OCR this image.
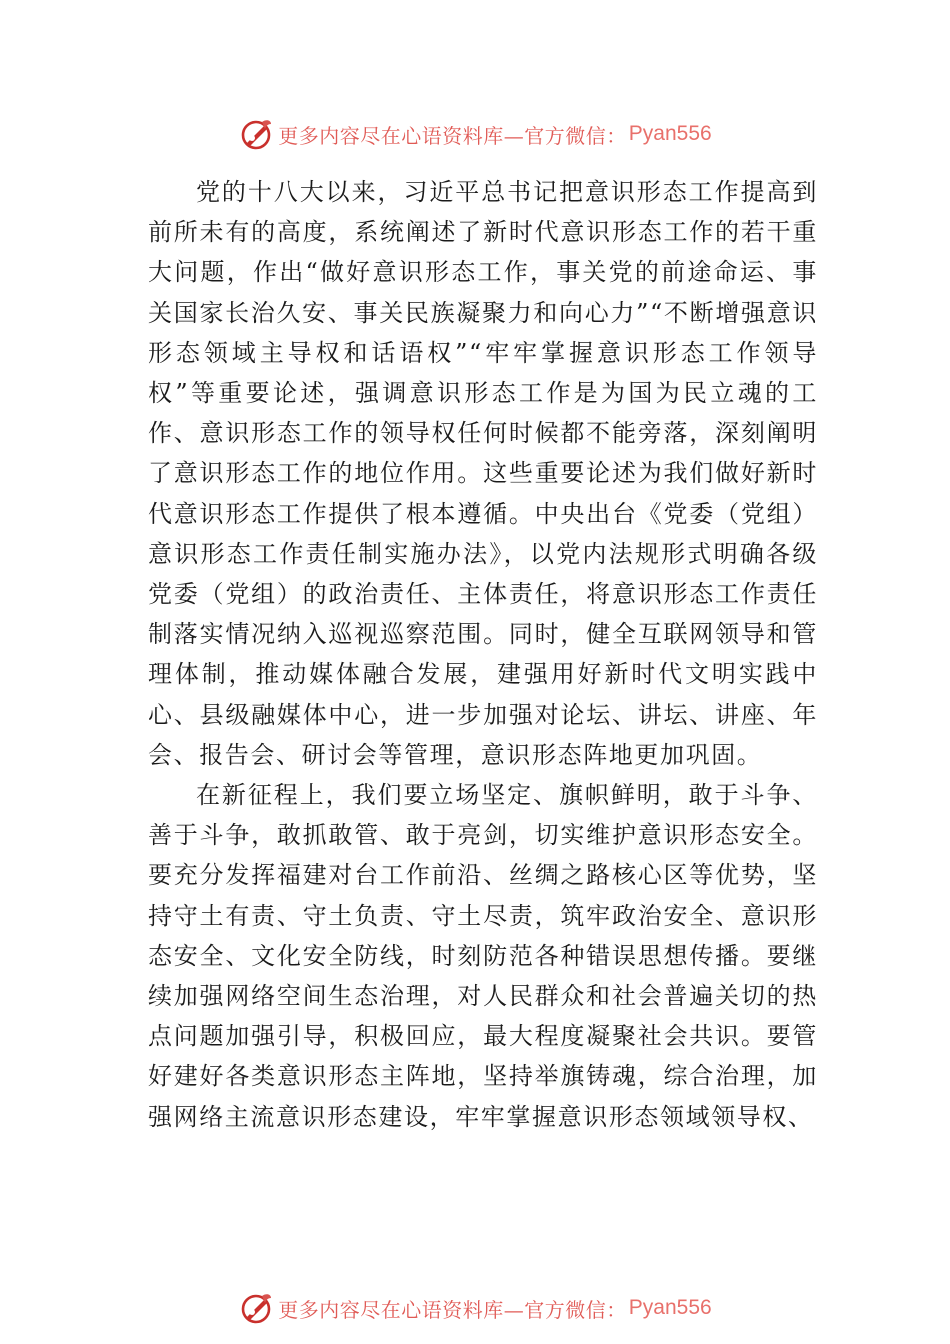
更多内容尽在心语资料库—官方微信： Pyan556

党的十八大以来，习近平总书记把意识形态工作提高到前所未有的高度，系统阐述了新时代意识形态工作的若干重大问题，作出“做好意识形态工作，事关党的前途命运、事关国家长治久安、事关民族凝聚力和向心力”“不断增强意识形态领域主导权和话语权”“牢牢掌握意识形态工作领导权”等重要论述，强调意识形态工作是为国为民立魂的工作、意识形态工作的领导权任何时候都不能旁落，深刻阐明了意识形态工作的地位作用。这些重要论述为我们做好新时代意识形态工作提供了根本遵循。中央出台《党委（党组）意识形态工作责任制实施办法》，以党内法规形式明确各级党委（党组）的政治责任、主体责任，将意识形态工作责任制落实情况纳入巡视巡察范围。同时，健全互联网领导和管理体制，推动媒体融合发展，建强用好新时代文明实践中心、县级融媒体中心，进一步加强对论坛、讲坛、讲座、年会、报告会、研讨会等管理，意识形态阵地更加巩固。

在新征程上，我们要立场坚定、旗帜鲜明，敢于斗争、善于斗争，敢抓敢管、敢于亮剑，切实维护意识形态安全。要充分发挥福建对台工作前沿、丝绸之路核心区等优势，坚持守土有责、守土负责、守土尽责，筑牢政治安全、意识形态安全、文化安全防线，时刻防范各种错误思想传播。要继续加强网络空间生态治理，对人民群众和社会普遍关切的热点问题加强引导，积极回应，最大程度凝聚社会共识。要管好建好各类意识形态主阵地，坚持举旗铸魂，综合治理，加强网络主流意识形态建设，牢牢掌握意识形态领域领导权、

更多内容尽在心语资料库—官方微信： Pyan556
